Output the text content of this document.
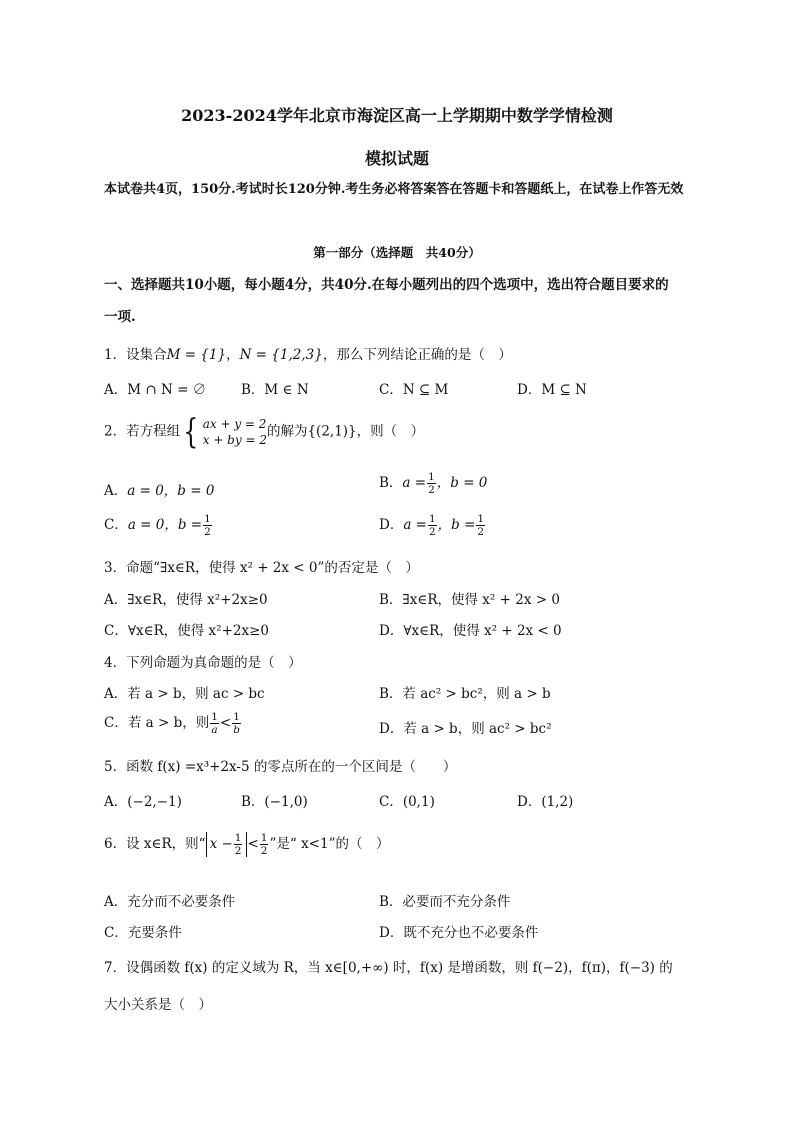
2023-2024学年北京市海淀区高一上学期期中数学学情检测
模拟试题
本试卷共4页，150分.考试时长120分钟.考生务必将答案答在答题卡和答题纸上，在试卷上作答无效
第一部分（选择题　共40分）
一、选择题共10小题，每小题4分，共40分.在每小题列出的四个选项中，选出符合题目要求的
一项.
1．设集合M = {1}，N = {1,2,3}，那么下列结论正确的是（　）
A．M ∩ N = ∅	B．M ∈ N	C．N ⊆ M	D．M ⊆ N
2．若方程组 { ax + y = 2
x + by = 2
的解为{(2,1)}，则（　）
A．a = 0，b = 0	B．$a = \frac{1}{2}$ ，b = 0
C．a = 0，$b = \frac{1}{2}$	D．$a = \frac{1}{2}$ ，$b = \frac{1}{2}$
3．命题“∃x∈R，使得 x² + 2x < 0”的否定是（　）
A．∃x∈R，使得 x²+2x≥0	B．∃x∈R，使得 x² + 2x > 0
C．∀x∈R，使得 x²+2x≥0	D．∀x∈R，使得 x² + 2x < 0
4．下列命题为真命题的是（　）
A．若 a > b，则 ac > bc	B．若 ac² > bc²，则 a > b
C．若 a > b，则 $\frac{1}{a} < \frac{1}{b}$	D．若 a > b，则 ac² > bc²
5．函数 f(x) =x³+2x-5 的零点所在的一个区间是（　　）
A．(−2,−1)	B．(−1,0)	C．(0,1)	D．(1,2)
6．设 x∈R，则“ $x - \frac{1}{2} < \frac{1}{2}$ ”是“ x<1”的（　）
A．充分而不必要条件	B．必要而不充分条件
C．充要条件	D．既不充分也不必要条件
7．设偶函数 f(x) 的定义域为 R，当 x∈[0,+∞) 时，f(x) 是增函数，则 f(−2)，f(π)，f(−3) 的
大小关系是（　）
